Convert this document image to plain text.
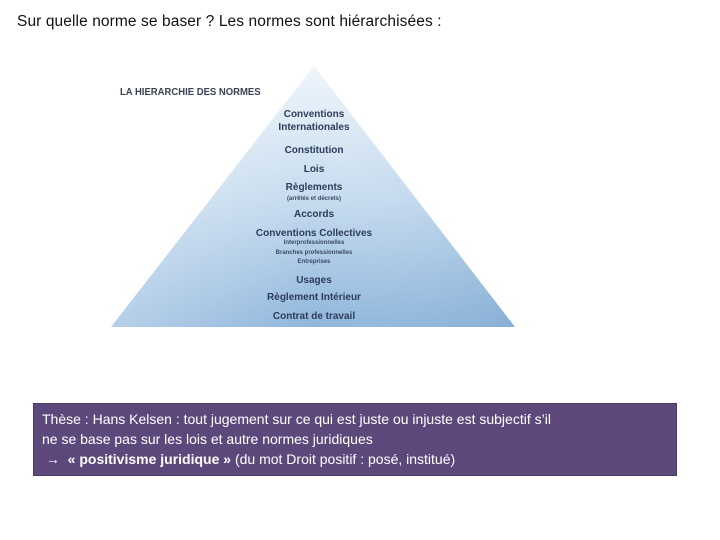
Sur quelle norme se baser ? Les normes sont hiérarchisées :
LA HIERARCHIE DES NORMES
Conventions
Internationales
Constitution
Lois
Règlements
(arrêtés et décrets)
Accords
Conventions Collectives
Interprofessionnelles
Branches professionnelles
Entreprises
Usages
Règlement Intérieur
Contrat de travail
Thèse : Hans Kelsen : tout jugement sur ce qui est juste ou injuste est subjectif s’il
ne se base pas sur les lois et autre normes juridiques
→ « positivisme juridique » (du mot Droit positif : posé, institué)
